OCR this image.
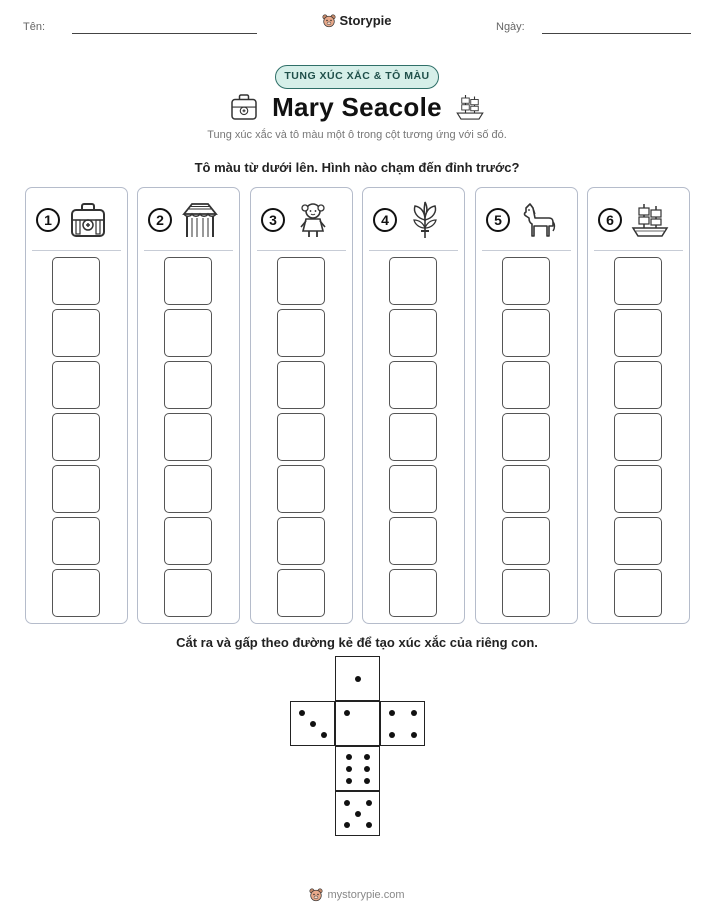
Tên:	Ngày:
Storypie
TUNG XÚC XẮC & TÔ MÀU
Mary Seacole
Tung xúc xắc và tô màu một ô trong cột tương ứng với số đó.
Tô màu từ dưới lên. Hình nào chạm đến đỉnh trước?
1	2	3	4	5	6
Cắt ra và gấp theo đường kẻ để tạo xúc xắc của riêng con.
mystorypie.com
